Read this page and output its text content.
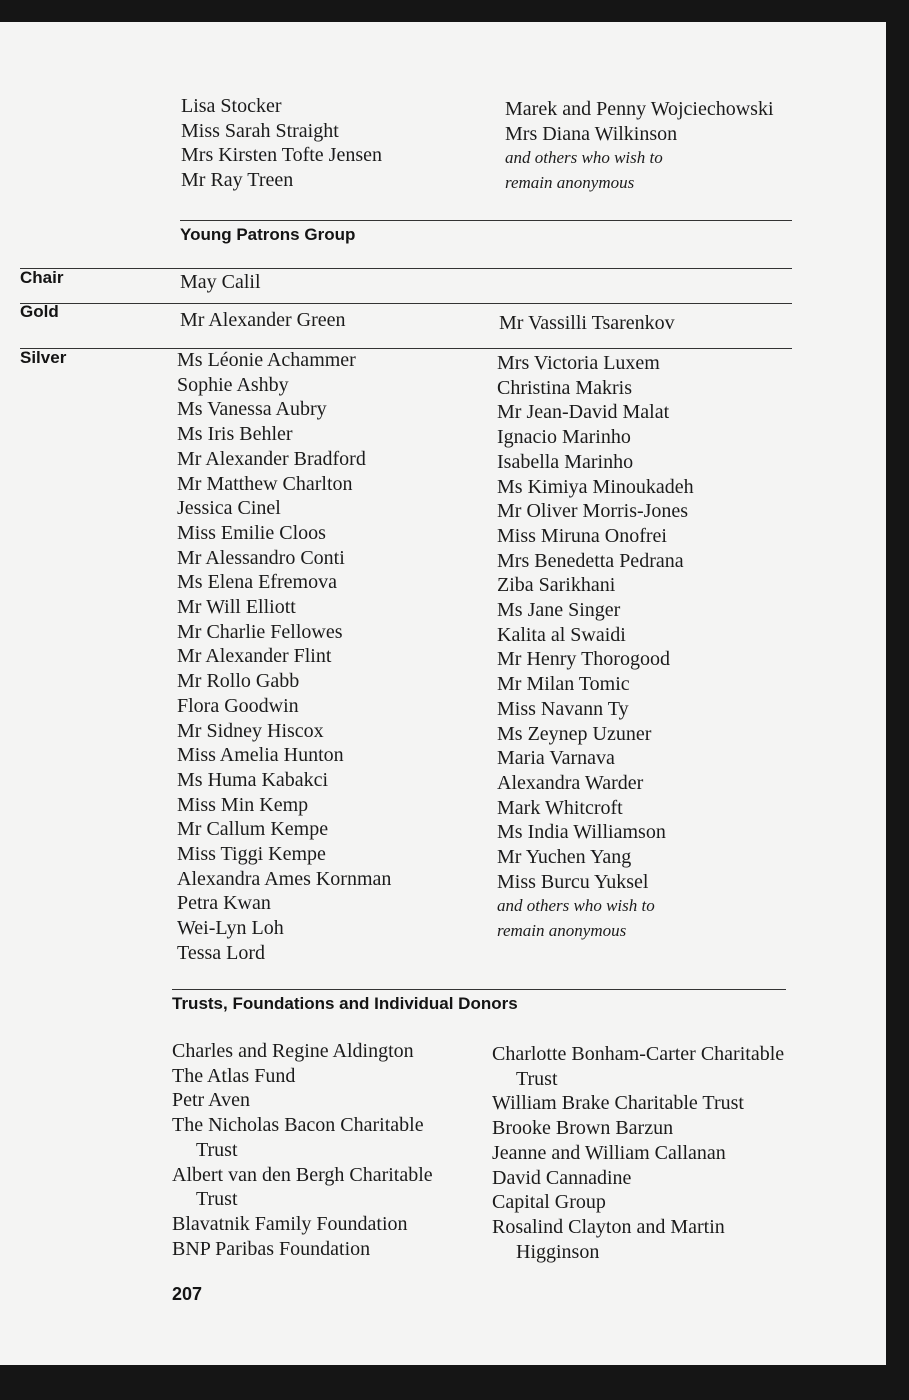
Lisa Stocker
Miss Sarah Straight
Mrs Kirsten Tofte Jensen
Mr Ray Treen
Marek and Penny Wojciechowski
Mrs Diana Wilkinson
and others who wish to
remain anonymous
Young Patrons Group
Chair	May Calil
Gold	Mr Alexander Green	Mr Vassilli Tsarenkov
Silver	Ms Léonie Achammer
Sophie Ashby
Ms Vanessa Aubry
Ms Iris Behler
Mr Alexander Bradford
Mr Matthew Charlton
Jessica Cinel
Miss Emilie Cloos
Mr Alessandro Conti
Ms Elena Efremova
Mr Will Elliott
Mr Charlie Fellowes
Mr Alexander Flint
Mr Rollo Gabb
Flora Goodwin
Mr Sidney Hiscox
Miss Amelia Hunton
Ms Huma Kabakci
Miss Min Kemp
Mr Callum Kempe
Miss Tiggi Kempe
Alexandra Ames Kornman
Petra Kwan
Wei-Lyn Loh
Tessa Lord
Mrs Victoria Luxem
Christina Makris
Mr Jean-David Malat
Ignacio Marinho
Isabella Marinho
Ms Kimiya Minoukadeh
Mr Oliver Morris-Jones
Miss Miruna Onofrei
Mrs Benedetta Pedrana
Ziba Sarikhani
Ms Jane Singer
Kalita al Swaidi
Mr Henry Thorogood
Mr Milan Tomic
Miss Navann Ty
Ms Zeynep Uzuner
Maria Varnava
Alexandra Warder
Mark Whitcroft
Ms India Williamson
Mr Yuchen Yang
Miss Burcu Yuksel
and others who wish to
remain anonymous
Trusts, Foundations and Individual Donors
Charles and Regine Aldington
The Atlas Fund
Petr Aven
The Nicholas Bacon Charitable
Trust
Albert van den Bergh Charitable
Trust
Blavatnik Family Foundation
BNP Paribas Foundation
Charlotte Bonham-Carter Charitable
Trust
William Brake Charitable Trust
Brooke Brown Barzun
Jeanne and William Callanan
David Cannadine
Capital Group
Rosalind Clayton and Martin
Higginson
207
